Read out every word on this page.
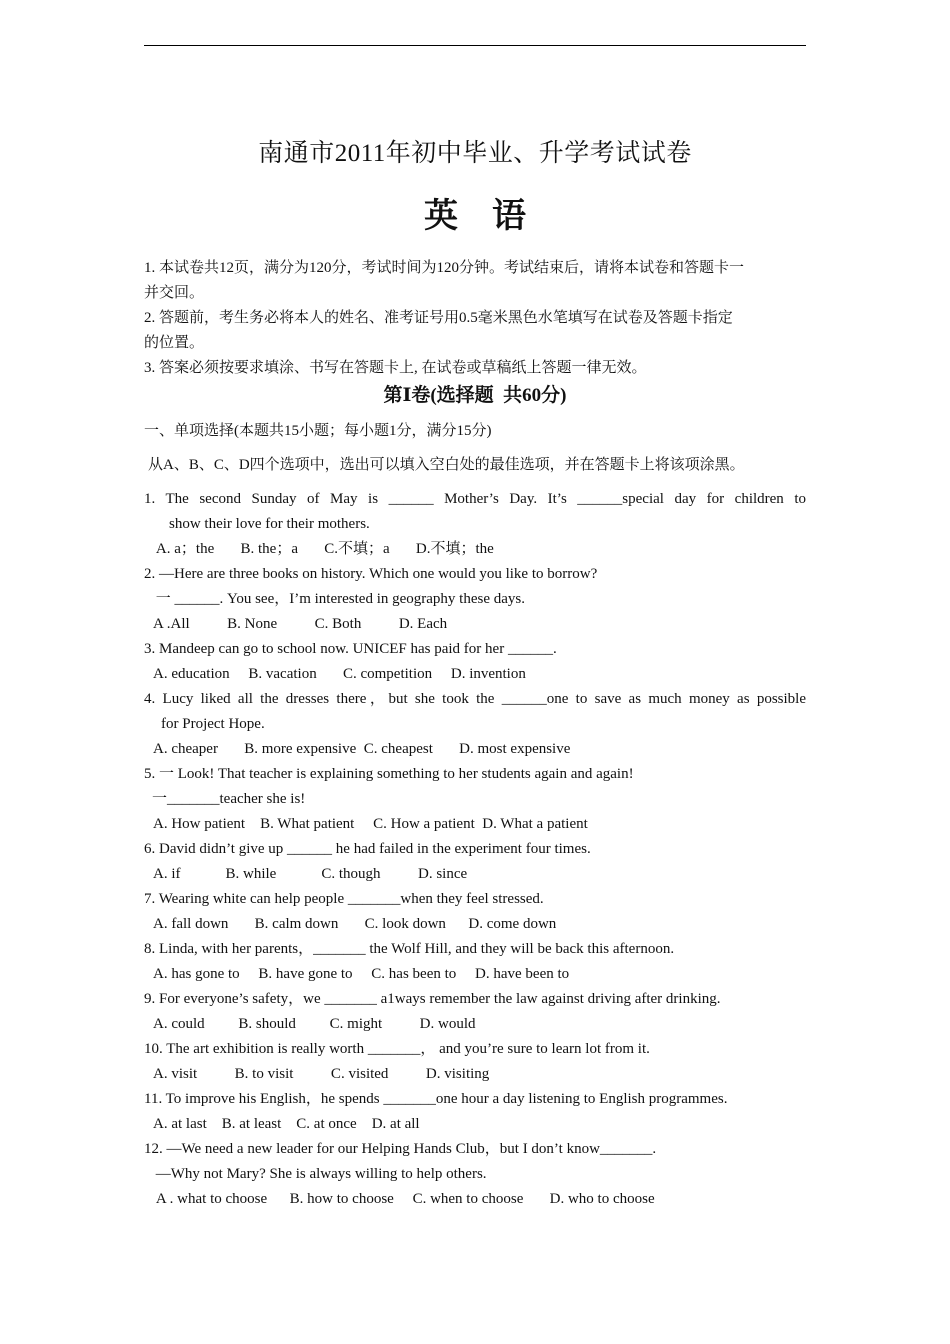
南通市2011年初中毕业、升学考试试卷
英    语
1. 本试卷共12页，满分为120分，考试时间为120分钟。考试结束后，请将本试卷和答题卡一
并交回。
2. 答题前，考生务必将本人的姓名、准考证号用0.5毫米黑色水笔填写在试卷及答题卡指定
的位置。
3. 答案必须按要求填涂、书写在答题卡上, 在试卷或草稿纸上答题一律无效。
第Ⅰ卷(选择题  共60分)
一、单项选择(本题共15小题；每小题1分，满分15分)
从A、B、C、D四个选项中，选出可以填入空白处的最佳选项，并在答题卡上将该项涂黑。
1. The second Sunday of May is ______ Mother’s Day. It’s ______special day for children to
show their love for their mothers.
A. a；the       B. the；a       C.不填；a       D.不填；the
2. —Here are three books on history. Which one would you like to borrow?
一 ______. You see，I’m interested in geography these days.
A .All          B. None          C. Both          D. Each
3. Mandeep can go to school now. UNICEF has paid for her ______.
A. education     B. vacation       C. competition     D. invention
4. Lucy liked all the dresses there，but she took the ______one to save as much money as possible
for Project Hope.
A. cheaper       B. more expensive  C. cheapest       D. most expensive
5. 一 Look! That teacher is explaining something to her students again and again!
一_______teacher she is!
A. How patient    B. What patient     C. How a patient  D. What a patient
6. David didn’t give up ______ he had failed in the experiment four times.
A. if            B. while            C. though          D. since
7. Wearing white can help people _______when they feel stressed.
A. fall down       B. calm down       C. look down      D. come down
8. Linda, with her parents，_______ the Wolf Hill, and they will be back this afternoon.
A. has gone to     B. have gone to     C. has been to     D. have been to
9. For everyone’s safety，we _______ a1ways remember the law against driving after drinking.
A. could         B. should         C. might          D. would
10. The art exhibition is really worth _______， and you’re sure to learn lot from it.
A. visit          B. to visit          C. visited          D. visiting
11. To improve his English，he spends _______one hour a day listening to English programmes.
A. at last    B. at least    C. at once    D. at all
12. —We need a new leader for our Helping Hands Club，but I don’t know_______.
—Why not Mary? She is always willing to help others.
A . what to choose      B. how to choose     C. when to choose       D. who to choose
